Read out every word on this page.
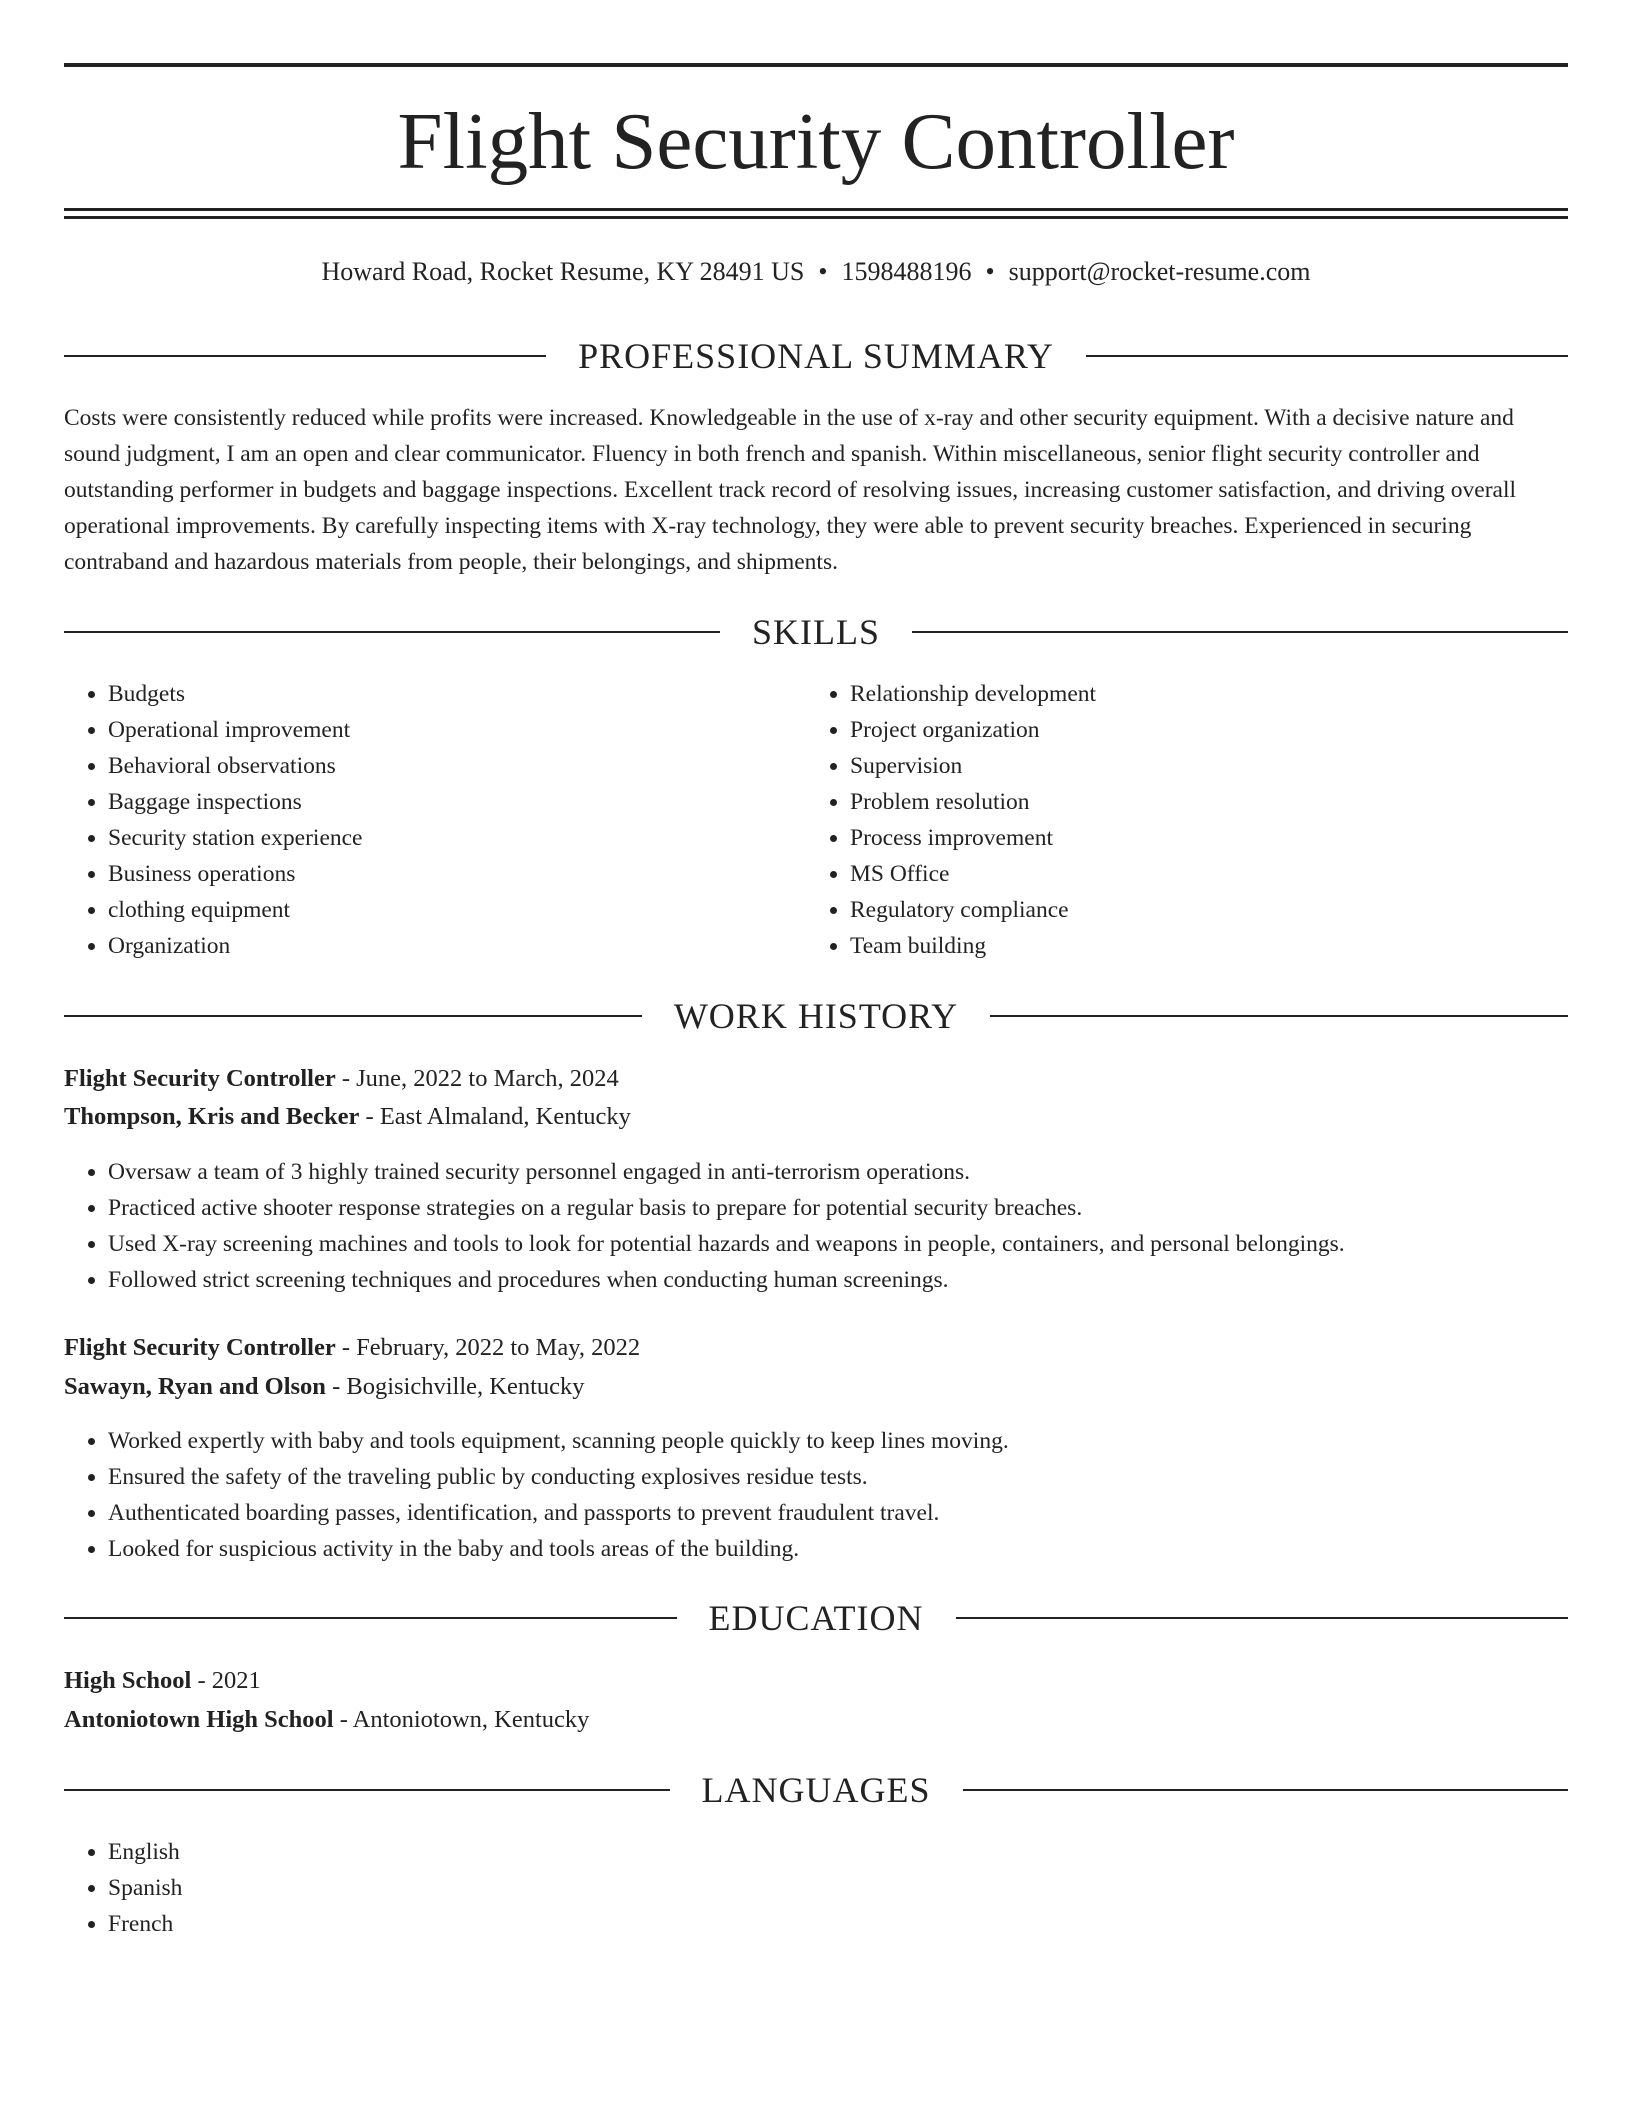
Flight Security Controller
Howard Road, Rocket Resume, KY 28491 US • 1598488196 • support@rocket-resume.com
PROFESSIONAL SUMMARY

Costs were consistently reduced while profits were increased. Knowledgeable in the use of x-ray and other security equipment. With a decisive nature and sound judgment, I am an open and clear communicator. Fluency in both french and spanish. Within miscellaneous, senior flight security controller and outstanding performer in budgets and baggage inspections. Excellent track record of resolving issues, increasing customer satisfaction, and driving overall operational improvements. By carefully inspecting items with X-ray technology, they were able to prevent security breaches. Experienced in securing contraband and hazardous materials from people, their belongings, and shipments.

SKILLS
• Budgets
• Operational improvement
• Behavioral observations
• Baggage inspections
• Security station experience
• Business operations
• clothing equipment
• Organization
• Relationship development
• Project organization
• Supervision
• Problem resolution
• Process improvement
• MS Office
• Regulatory compliance
• Team building
WORK HISTORY
Flight Security Controller - June, 2022 to March, 2024
Thompson, Kris and Becker - East Almaland, Kentucky
• Oversaw a team of 3 highly trained security personnel engaged in anti-terrorism operations.
• Practiced active shooter response strategies on a regular basis to prepare for potential security breaches.
• Used X-ray screening machines and tools to look for potential hazards and weapons in people, containers, and personal belongings.
• Followed strict screening techniques and procedures when conducting human screenings.
Flight Security Controller - February, 2022 to May, 2022
Sawayn, Ryan and Olson - Bogisichville, Kentucky
• Worked expertly with baby and tools equipment, scanning people quickly to keep lines moving.
• Ensured the safety of the traveling public by conducting explosives residue tests.
• Authenticated boarding passes, identification, and passports to prevent fraudulent travel.
• Looked for suspicious activity in the baby and tools areas of the building.
EDUCATION
High School - 2021
Antoniotown High School - Antoniotown, Kentucky
LANGUAGES
• English
• Spanish
• French
